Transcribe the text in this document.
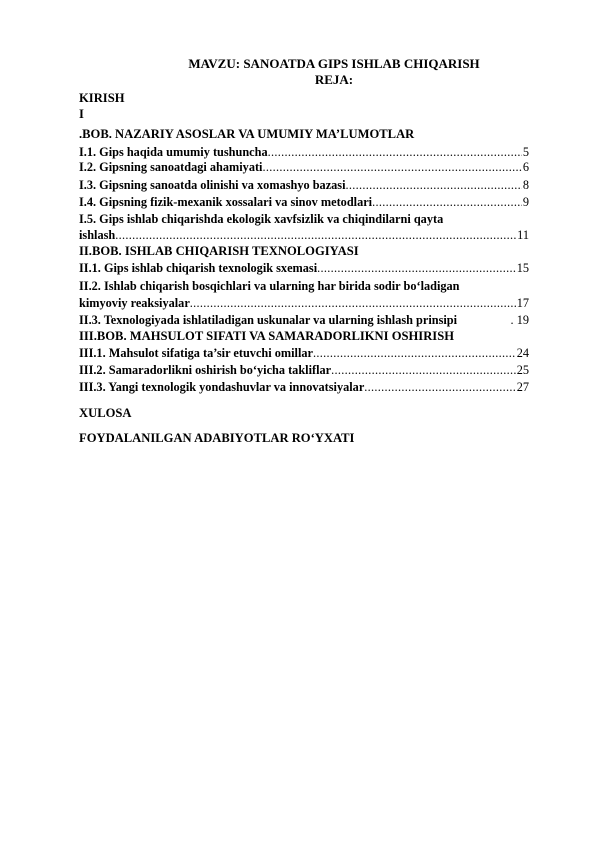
MAVZU: SANOATDA GIPS ISHLAB CHIQARISH
REJA:
KIRISH
I
.BOB. NAZARIY ASOSLAR VA UMUMIY MA’LUMOTLAR
I.1. Gips haqida umumiy tushuncha .....	5
I.2. Gipsning sanoatdagi ahamiyati .....	6
I.3. Gipsning sanoatda olinishi va xomashyo bazasi .....	8
I.4. Gipsning fizik-mexanik xossalari va sinov metodlari .....	9
I.5. Gips ishlab chiqarishda ekologik xavfsizlik va chiqindilarni qayta
ishlash .....	11
II.BOB. ISHLAB CHIQARISH TEXNOLOGIYASI
II.1. Gips ishlab chiqarish texnologik sxemasi .....	15
II.2. Ishlab chiqarish bosqichlari va ularning har birida sodir bo‘ladigan
kimyoviy reaksiyalar .....	17
II.3. Texnologiyada ishlatiladigan uskunalar va ularning ishlash prinsipi	. 19
III.BOB. MAHSULOT SIFATI VA SAMARADORLIKNI OSHIRISH
III.1. Mahsulot sifatiga ta’sir etuvchi omillar .....	24
III.2. Samaradorlikni oshirish bo‘yicha takliflar .....	25
III.3. Yangi texnologik yondashuvlar va innovatsiyalar .....	27
XULOSA
FOYDALANILGAN ADABIYOTLAR RO‘YXATI
